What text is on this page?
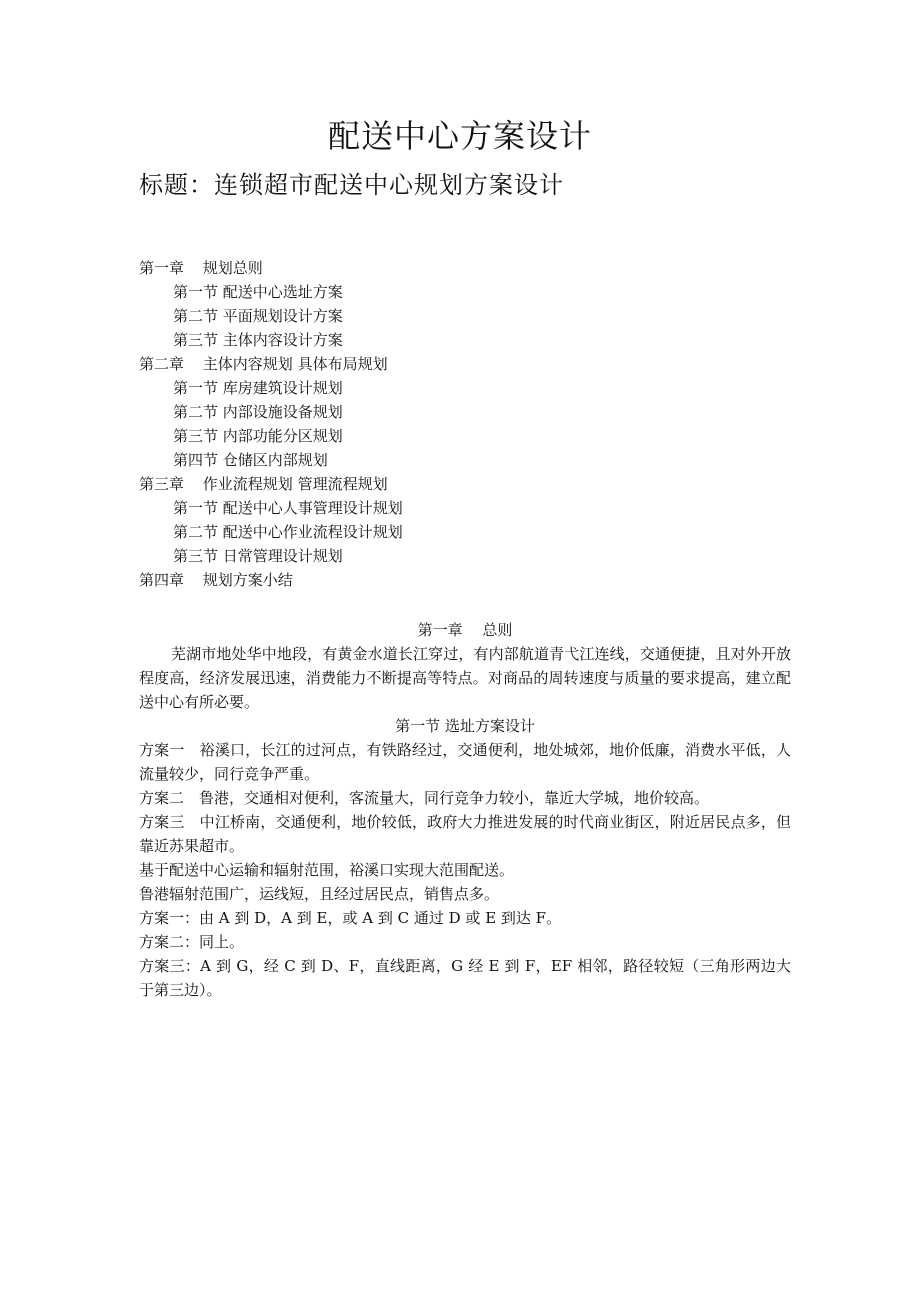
配送中心方案设计
标题：连锁超市配送中心规划方案设计
第一章 规划总则
第一节 配送中心选址方案
第二节 平面规划设计方案
第三节 主体内容设计方案
第二章 主体内容规划 具体布局规划
第一节 库房建筑设计规划
第二节 内部设施设备规划
第三节 内部功能分区规划
第四节 仓储区内部规划
第三章 作业流程规划 管理流程规划
第一节 配送中心人事管理设计规划
第二节 配送中心作业流程设计规划
第三节 日常管理设计规划
第四章 规划方案小结
第一章　 总则

芜湖市地处华中地段，有黄金水道长江穿过，有内部航道青弋江连线，交通便捷，且对外开放程度高，经济发展迅速，消费能力不断提高等特点。对商品的周转速度与质量的要求提高，建立配送中心有所必要。

第一节 选址方案设计

方案一　裕溪口，长江的过河点，有铁路经过，交通便利，地处城郊，地价低廉，消费水平低，人流量较少，同行竞争严重。

方案二　鲁港，交通相对便利，客流量大，同行竞争力较小，靠近大学城，地价较高。

方案三　中江桥南，交通便利，地价较低，政府大力推进发展的时代商业街区，附近居民点多，但靠近苏果超市。

基于配送中心运输和辐射范围，裕溪口实现大范围配送。

鲁港辐射范围广，运线短，且经过居民点，销售点多。

方案一：由 A 到 D，A 到 E，或 A 到 C 通过 D 或 E 到达 F。

方案二：同上。

方案三：A 到 G，经 C 到 D、F，直线距离，G 经 E 到 F，EF 相邻，路径较短（三角形两边大于第三边）。
